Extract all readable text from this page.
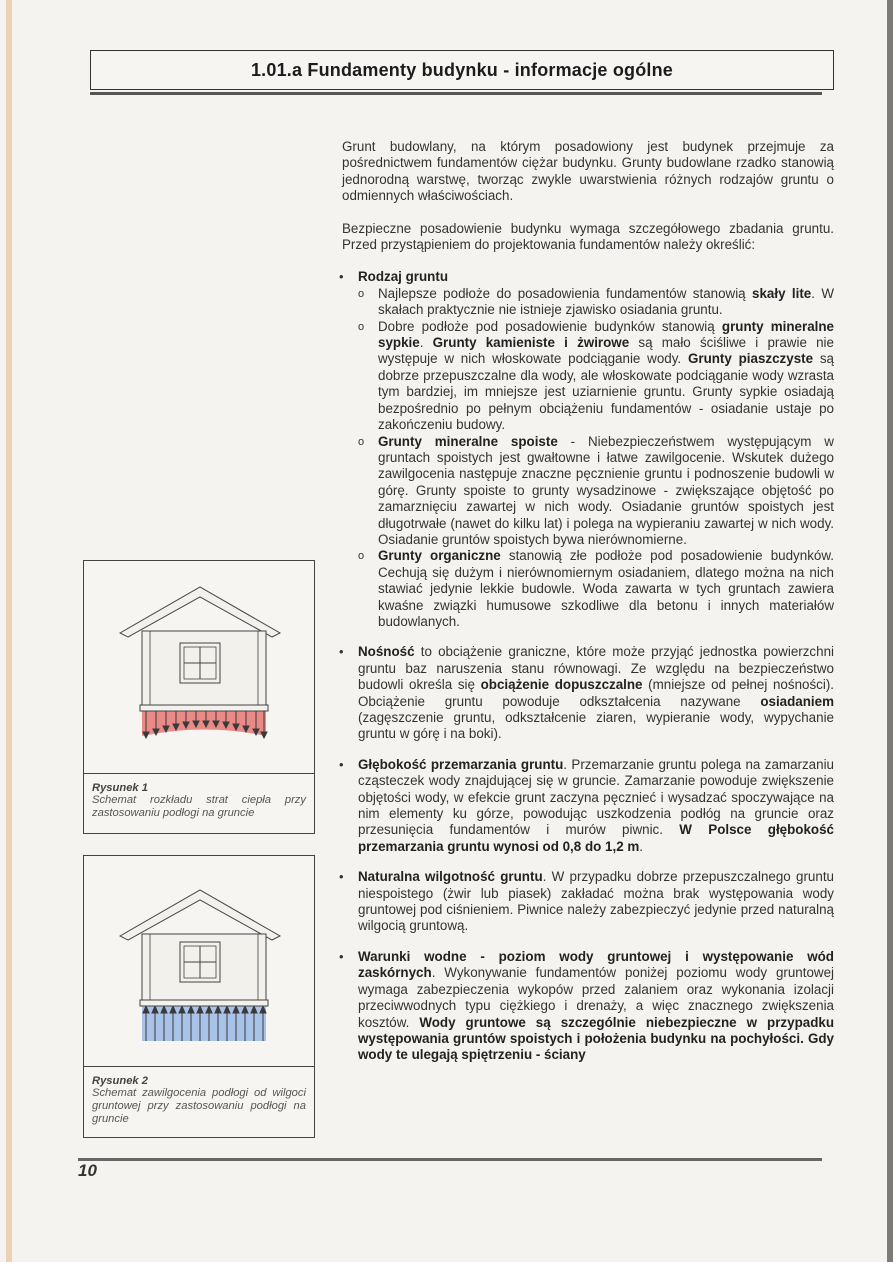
1.01.a Fundamenty budynku - informacje ogólne

Grunt budowlany, na którym posadowiony jest budynek przejmuje za pośrednictwem fundamentów ciężar budynku. Grunty budowlane rzadko stanowią jednorodną warstwę, tworząc zwykle uwarstwienia różnych rodzajów gruntu o odmiennych właściwościach.

Bezpieczne posadowienie budynku wymaga szczegółowego zbadania gruntu. Przed przystąpieniem do projektowania fundamentów należy określić:

• Rodzaj gruntu
o Najlepsze podłoże do posadowienia fundamentów stanowią skały lite. W skałach praktycznie nie istnieje zjawisko osiadania gruntu.
o Dobre podłoże pod posadowienie budynków stanowią grunty mineralne sypkie. Grunty kamieniste i żwirowe są mało ściśliwe i prawie nie występuje w nich włoskowate podciąganie wody. Grunty piaszczyste są dobrze przepuszczalne dla wody, ale włoskowate podciąganie wody wzrasta tym bardziej, im mniejsze jest uziarnienie gruntu. Grunty sypkie osiadają bezpośrednio po pełnym obciążeniu fundamentów - osiadanie ustaje po zakończeniu budowy.
o Grunty mineralne spoiste - Niebezpieczeństwem występującym w gruntach spoistych jest gwałtowne i łatwe zawilgocenie. Wskutek dużego zawilgocenia następuje znaczne pęcznienie gruntu i podnoszenie budowli w górę. Grunty spoiste to grunty wysadzinowe - zwiększające objętość po zamarznięciu zawartej w nich wody. Osiadanie gruntów spoistych jest długotrwałe (nawet do kilku lat) i polega na wypieraniu zawartej w nich wody. Osiadanie gruntów spoistych bywa nierównomierne.
o Grunty organiczne stanowią złe podłoże pod posadowienie budynków. Cechują się dużym i nierównomiernym osiadaniem, dlatego można na nich stawiać jedynie lekkie budowle. Woda zawarta w tych gruntach zawiera kwaśne związki humusowe szkodliwe dla betonu i innych materiałów budowlanych.
• Nośność to obciążenie graniczne, które może przyjąć jednostka powierzchni gruntu baz naruszenia stanu równowagi. Ze względu na bezpieczeństwo budowli określa się obciążenie dopuszczalne (mniejsze od pełnej nośności). Obciążenie gruntu powoduje odkształcenia nazywane osiadaniem (zagęszczenie gruntu, odkształcenie ziaren, wypieranie wody, wypychanie gruntu w górę i na boki).
• Głębokość przemarzania gruntu. Przemarzanie gruntu polega na zamarzaniu cząsteczek wody znajdującej się w gruncie. Zamarzanie powoduje zwiększenie objętości wody, w efekcie grunt zaczyna pęcznieć i wysadzać spoczywające na nim elementy ku górze, powodując uszkodzenia podłóg na gruncie oraz przesunięcia fundamentów i murów piwnic. W Polsce głębokość przemarzania gruntu wynosi od 0,8 do 1,2 m.
• Naturalna wilgotność gruntu. W przypadku dobrze przepuszczalnego gruntu niespoistego (żwir lub piasek) zakładać można brak występowania wody gruntowej pod ciśnieniem. Piwnice należy zabezpieczyć jedynie przed naturalną wilgocią gruntową.
• Warunki wodne - poziom wody gruntowej i występowanie wód zaskórnych. Wykonywanie fundamentów poniżej poziomu wody gruntowej wymaga zabezpieczenia wykopów przed zalaniem oraz wykonania izolacji przeciwwodnych typu ciężkiego i drenaży, a więc znacznego zwiększenia kosztów. Wody gruntowe są szczególnie niebezpieczne w przypadku występowania gruntów spoistych i położenia budynku na pochyłości. Gdy wody te ulegają spiętrzeniu - ściany
Rysunek 1
Schemat rozkładu strat ciepła przy zastosowaniu podłogi na gruncie
Rysunek 2
Schemat zawilgocenia podłogi od wilgoci gruntowej przy zastosowaniu podłogi na gruncie
10
